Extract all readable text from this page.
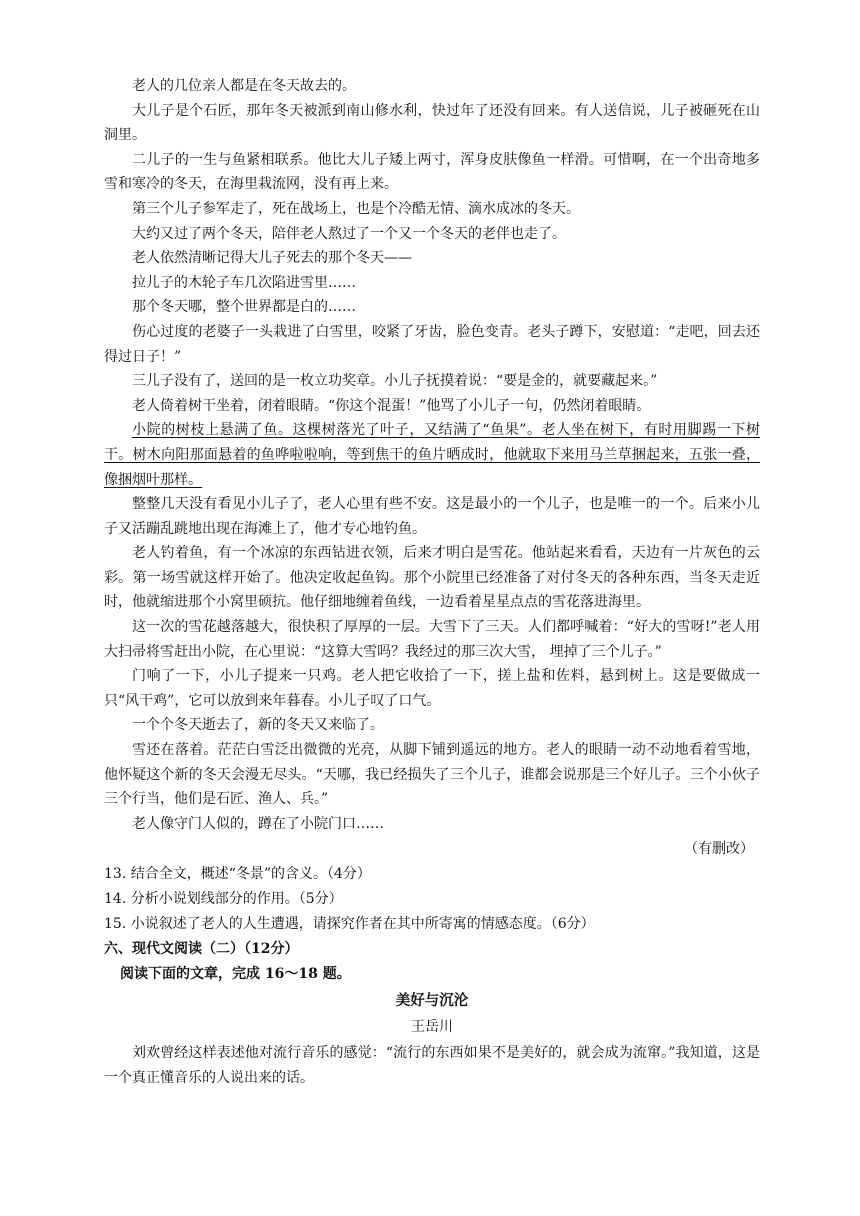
老人的几位亲人都是在冬天故去的。

大儿子是个石匠，那年冬天被派到南山修水利，快过年了还没有回来。有人送信说，儿子被砸死在山洞里。

二儿子的一生与鱼紧相联系。他比大儿子矮上两寸，浑身皮肤像鱼一样滑。可惜啊，在一个出奇地多雪和寒冷的冬天，在海里栽流网，没有再上来。

第三个儿子参军走了，死在战场上，也是个冷酷无情、滴水成冰的冬天。

大约又过了两个冬天，陪伴老人熬过了一个又一个冬天的老伴也走了。

老人依然清晰记得大儿子死去的那个冬天——

拉儿子的木轮子车几次陷进雪里……

那个冬天哪，整个世界都是白的……

伤心过度的老婆子一头栽进了白雪里，咬紧了牙齿，脸色变青。老头子蹲下，安慰道：“走吧，回去还得过日子！”

三儿子没有了，送回的是一枚立功奖章。小儿子抚摸着说：“要是金的，就要藏起来。”

老人倚着树干坐着，闭着眼睛。“你这个混蛋！”他骂了小儿子一句，仍然闭着眼睛。

小院的树枝上悬满了鱼。这棵树落光了叶子，又结满了“鱼果”。老人坐在树下，有时用脚踢一下树干。树木向阳那面悬着的鱼哗啦啦响，等到焦干的鱼片晒成时，他就取下来用马兰草捆起来，五张一叠，像捆烟叶那样。

整整几天没有看见小儿子了，老人心里有些不安。这是最小的一个儿子，也是唯一的一个。后来小儿子又活蹦乱跳地出现在海滩上了，他才专心地钓鱼。

老人钓着鱼，有一个冰凉的东西钻进衣领，后来才明白是雪花。他站起来看看，天边有一片灰色的云彩。第一场雪就这样开始了。他决定收起鱼钩。那个小院里已经准备了对付冬天的各种东西，当冬天走近时，他就缩进那个小窝里硕抗。他仔细地缠着鱼线，一边看着星星点点的雪花落进海里。

这一次的雪花越落越大，很快积了厚厚的一层。大雪下了三天。人们都呼喊着：“好大的雪呀!”老人用大扫帚将雪赶出小院，在心里说：“这算大雪吗？我经过的那三次大雪， 埋掉了三个儿子。”

门响了一下，小儿子提来一只鸡。老人把它收拾了一下，搓上盐和佐料，悬到树上。这是要做成一只“风干鸡”，它可以放到来年暮春。小儿子叹了口气。

一个个冬天逝去了，新的冬天又来临了。

雪还在落着。茫茫白雪泛出微微的光亮，从脚下铺到遥远的地方。老人的眼睛一动不动地看着雪地，他怀疑这个新的冬天会漫无尽头。“天哪，我已经损失了三个儿子，谁都会说那是三个好儿子。三个小伙子三个行当，他们是石匠、渔人、兵。”

老人像守门人似的，蹲在了小院门口……

（有删改）

13. 结合全文，概述“冬景”的含义。（4分）

14. 分析小说划线部分的作用。（5分）

15. 小说叙述了老人的人生遭遇，请探究作者在其中所寄寓的情感态度。（6分）

六、现代文阅读（二）（12分）

阅读下面的文章，完成 16～18 题。

美好与沉沦

王岳川

刘欢曾经这样表述他对流行音乐的感觉：“流行的东西如果不是美好的，就会成为流窜。”我知道，这是一个真正懂音乐的人说出来的话。
